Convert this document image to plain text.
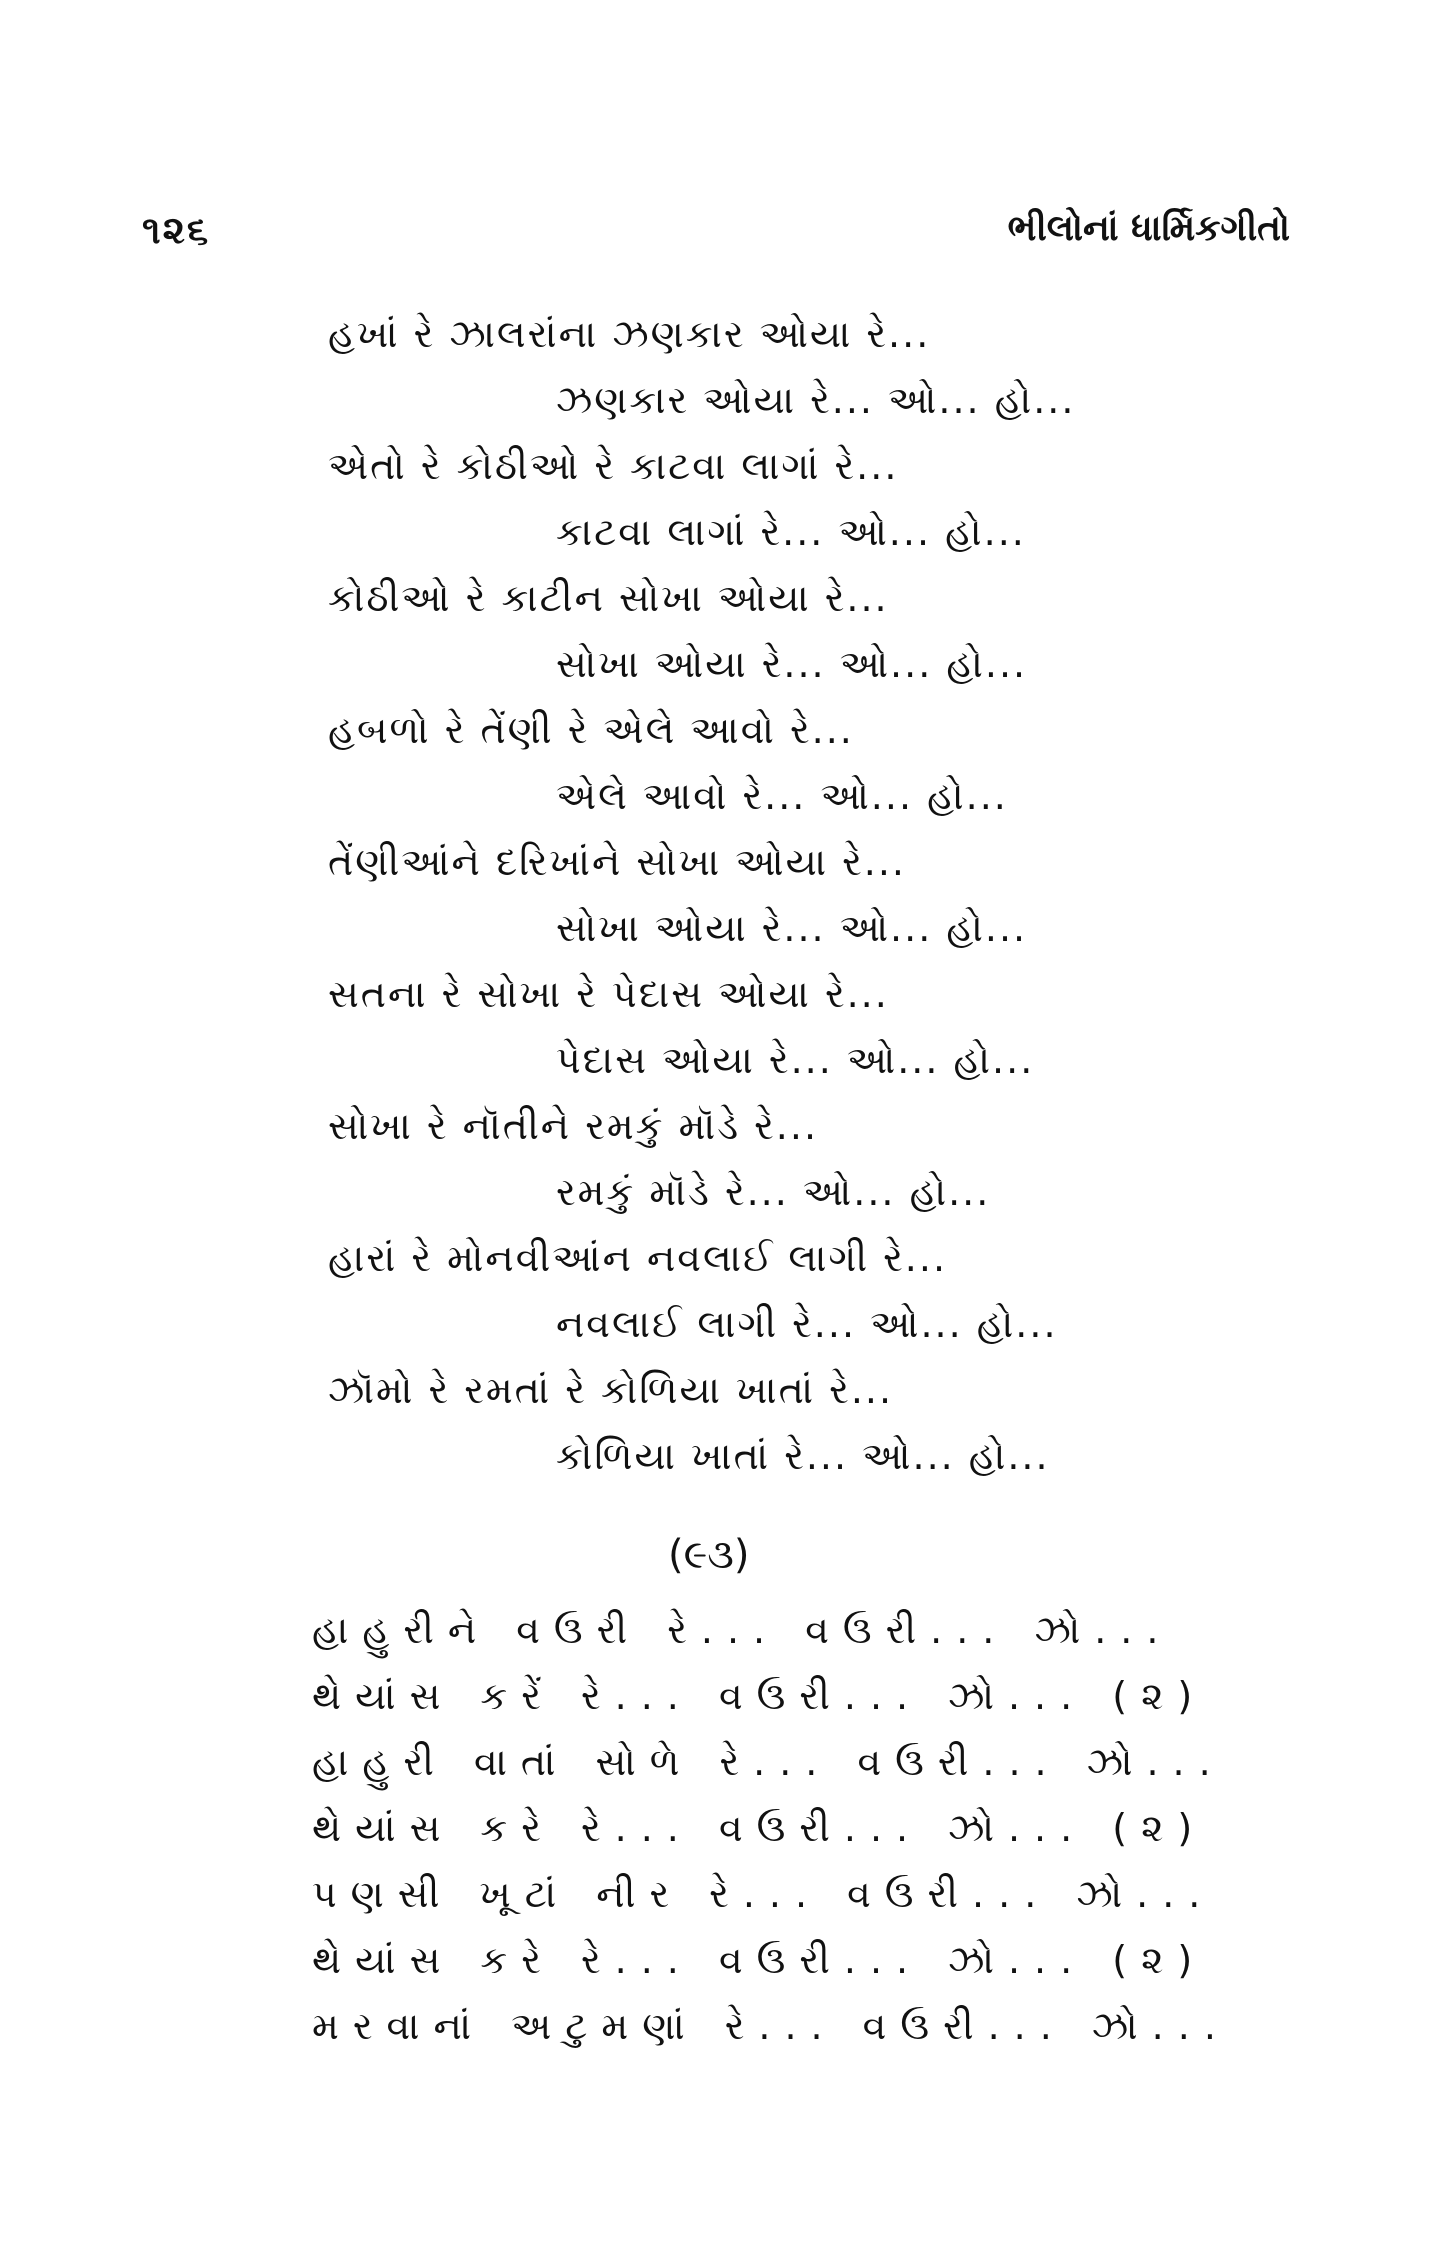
૧૨૬	ભીલોનાં ધાર્મિકગીતો
હખાં રે ઝાલરાંના ઝણકાર ઓયા રે...
ઝણકાર ઓયા રે... ઓ... હો...
એતો રે કોઠીઓ રે કાટવા લાગાં રે...
કાટવા લાગાં રે... ઓ... હો...
કોઠીઓ રે કાટીન સોખા ઓયા રે...
સોખા ઓયા રે... ઓ... હો...
હબળો રે તેંણી રે એલે આવો રે...
એલે આવો રે... ઓ... હો...
તેંણીઆંને દરિખાંને સોખા ઓયા રે...
સોખા ઓયા રે... ઓ... હો...
સતના રે સોખા રે પેદાસ ઓયા રે...
પેદાસ ઓયા રે... ઓ... હો...
સોખા રે નૉતીને રમકું મૉડે રે...
રમકું મૉડે રે... ઓ... હો...
હારાં રે મોનવીઆંન નવલાઈ લાગી રે...
નવલાઈ લાગી રે... ઓ... હો...
ઝૉમો રે રમતાં રે કોળિયા ખાતાં રે...
કોળિયા ખાતાં રે... ઓ... હો...
(૯૩)
હાહુરીને વઉરી રે... વઉરી... ઝો...
થેયાંસ કરેં રે... વઉરી... ઝો... (૨)
હાહુરી વાતાં સોળે રે... વઉરી... ઝો...
થેયાંસ કરે રે... વઉરી... ઝો... (૨)
પણસી ખૂટાં નીર રે... વઉરી... ઝો...
થેયાંસ કરે રે... વઉરી... ઝો... (૨)
મરવાનાં અટુમણાં રે... વઉરી... ઝો...
